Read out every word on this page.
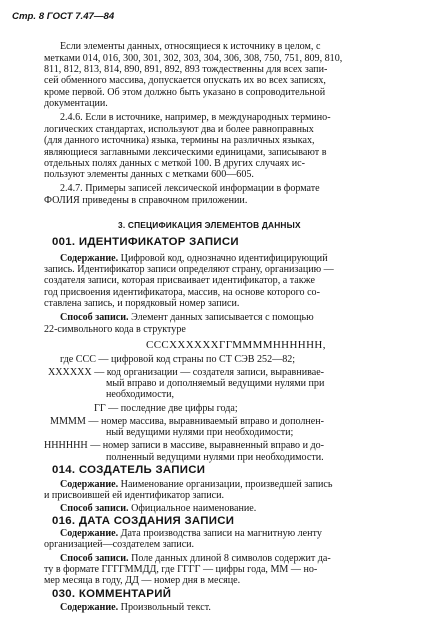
Стр. 8 ГОСТ 7.47—84
Если элементы данных, относящиеся к источнику в целом, с
метками 014, 016, 300, 301, 302, 303, 304, 306, 308, 750, 751, 809, 810,
811, 812, 813, 814, 890, 891, 892, 893 тождественны для всех запи-
сей обменного массива, допускается опускать их во всех записях,
кроме первой. Об этом должно быть указано в сопроводительной
документации.
2.4.6. Если в источнике, например, в международных термино-
логических стандартах, используют два и более равноправных
(для данного источника) языка, термины на различных языках,
являющиеся заглавными лексическими единицами, записывают в
отдельных полях данных с меткой 100. В других случаях ис-
пользуют элементы данных с метками 600—605.
2.4.7. Примеры записей лексической информации в формате
ФОЛИЯ приведены в справочном приложении.
3. СПЕЦИФИКАЦИЯ ЭЛЕМЕНТОВ ДАННЫХ
001. ИДЕНТИФИКАТОР ЗАПИСИ
Содержание. Цифровой код, однозначно идентифицирующий
запись. Идентификатор записи определяют страну, организацию —
создателя записи, которая присваивает идентификатор, а также
год присвоения идентификатора, массив, на основе которого со-
ставлена запись, и порядковый номер записи.
Способ записи. Элемент данных записывается с помощью
22-символьного кода в структуре
СССXXXXXXГГММММНННННН,
где ССС — цифровой код страны по СТ СЭВ 252—82;
ХХХХХХ — код организации — создателя записи, выравнивае-
мый вправо и дополняемый ведущими нулями при
необходимости,
ГГ — последние две цифры года;
ММММ — номер массива, выравниваемый вправо и дополнен-
ный ведущими нулями при необходимости;
НННННН — номер записи в массиве, выравненный вправо и до-
полненный ведущими нулями при необходимости.
014. СОЗДАТЕЛЬ ЗАПИСИ
Содержание. Наименование организации, произведшей запись
и присвоившей ей идентификатор записи.
Способ записи. Официальное наименование.
016. ДАТА СОЗДАНИЯ ЗАПИСИ
Содержание. Дата производства записи на магнитную ленту
организацией—создателем записи.
Способ записи. Поле данных длиной 8 символов содержит да-
ту в формате ГГГГММДД, где ГГГГ — цифры года, ММ — но-
мер месяца в году, ДД — номер дня в месяце.
030. КОММЕНТАРИЙ
Содержание. Произвольный текст.
